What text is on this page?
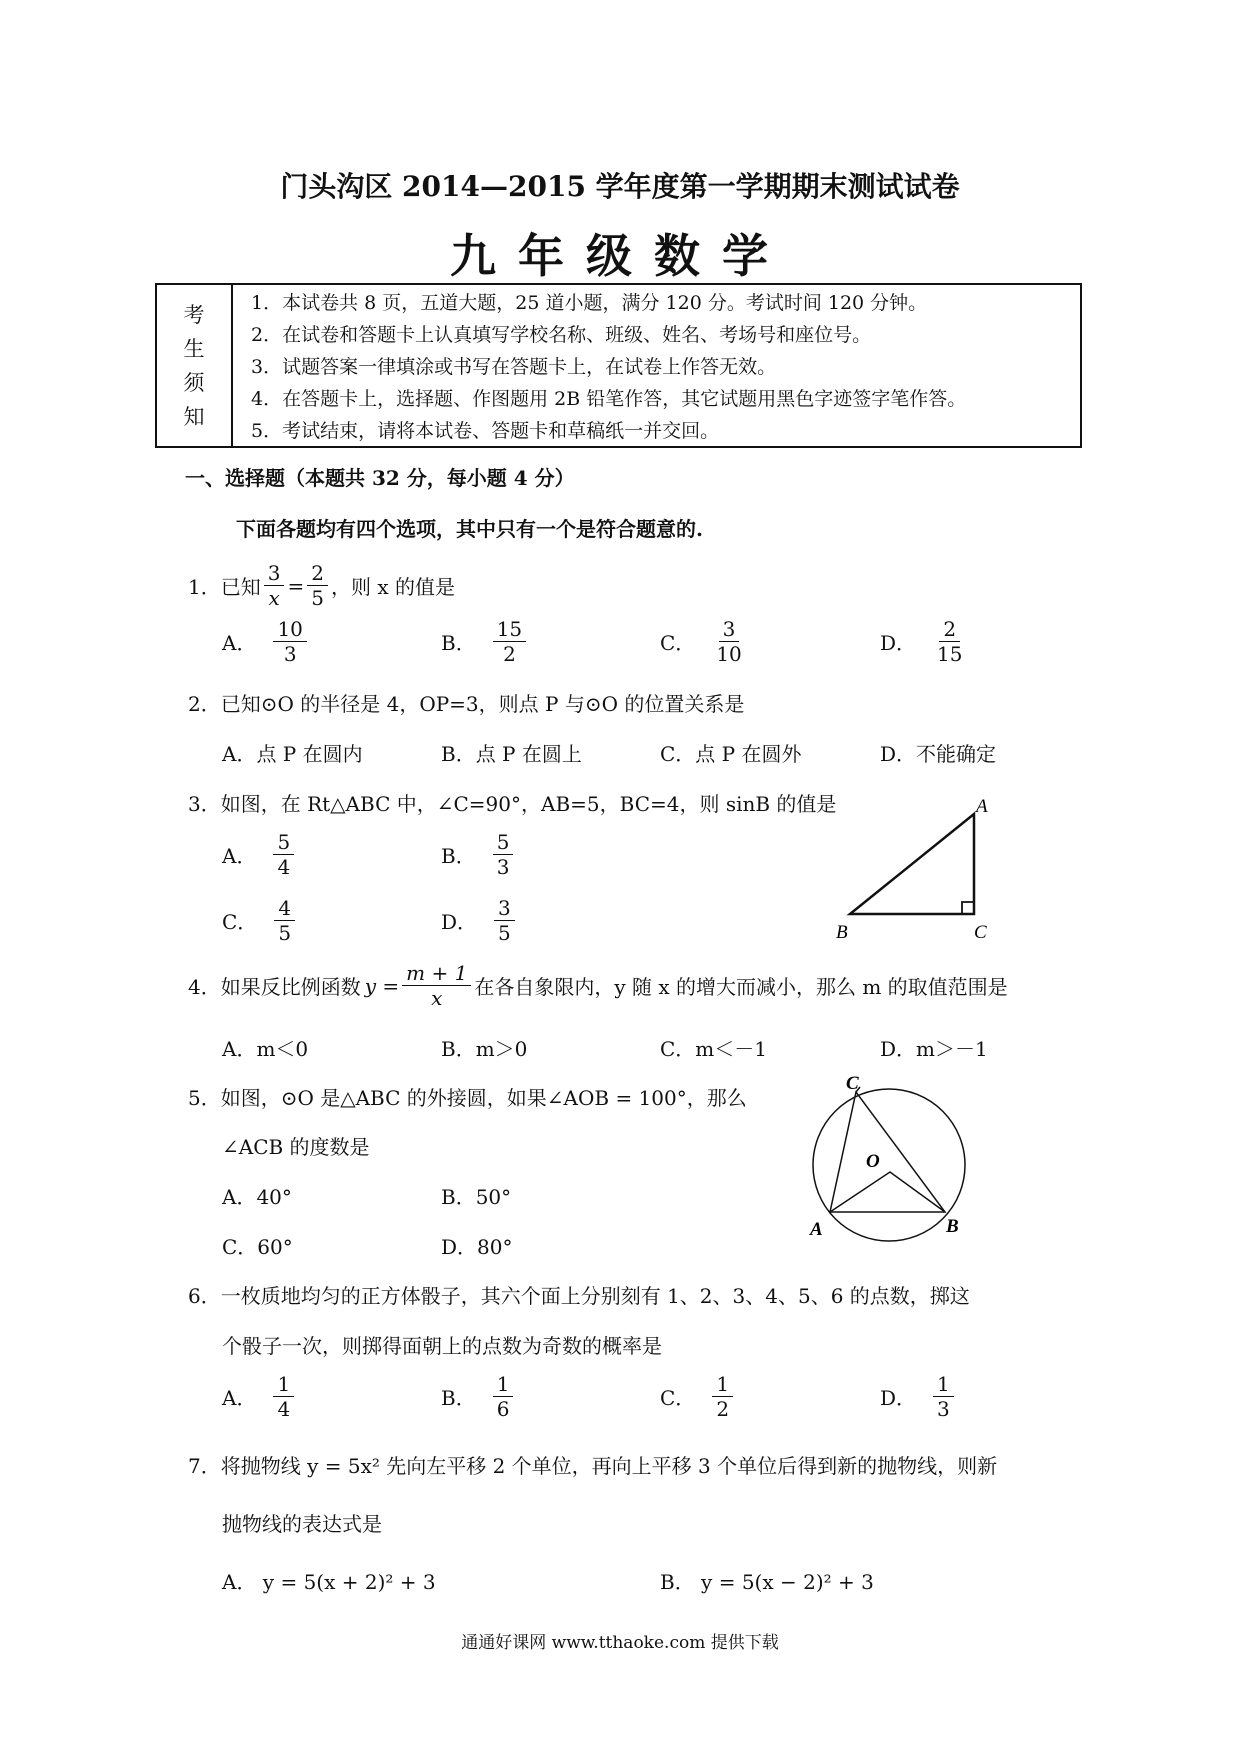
门头沟区 2014—2015 学年度第一学期期末测试试卷
九年级数学
考
生
须
知
1．本试卷共 8 页，五道大题，25 道小题，满分 120 分。考试时间 120 分钟。
2．在试卷和答题卡上认真填写学校名称、班级、姓名、考场号和座位号。
3．试题答案一律填涂或书写在答题卡上，在试卷上作答无效。
4．在答题卡上，选择题、作图题用 2B 铅笔作答，其它试题用黑色字迹签字笔作答。
5．考试结束，请将本试卷、答题卡和草稿纸一并交回。
一、选择题（本题共 32 分，每小题 4 分）
下面各题均有四个选项，其中只有一个是符合题意的.
1．已知 $\frac{3}{x} = \frac{2}{5}$ ，则 x 的值是
A． $\frac{10}{3}$	B． $\frac{15}{2}$	C． $\frac{3}{10}$	D． $\frac{2}{15}$
2．已知⊙O 的半径是 4，OP=3，则点 P 与⊙O 的位置关系是
A．点 P 在圆内	B．点 P 在圆上	C．点 P 在圆外	D．不能确定
3．如图，在 Rt△ABC 中，∠C=90°，AB=5，BC=4，则 sinB 的值是
A． $\frac{5}{4}$	B． $\frac{5}{3}$
C． $\frac{4}{5}$	D． $\frac{3}{5}$
A
B	C
4．如果反比例函数 $y = \frac{m + 1}{x}$ 在各自象限内，y 随 x 的增大而减小，那么 m 的取值范围是
A．m＜0	B．m＞0	C．m＜－1	D．m＞－1
5．如图，⊙O 是△ABC 的外接圆，如果∠AOB = 100°，那么
∠ACB 的度数是
A．40°	B．50°
C．60°	D．80°
C
O
A	B
6．一枚质地均匀的正方体骰子，其六个面上分别刻有 1、2、3、4、5、6 的点数，掷这
个骰子一次，则掷得面朝上的点数为奇数的概率是
A． $\frac{1}{4}$	B． $\frac{1}{6}$	C． $\frac{1}{2}$	D． $\frac{1}{3}$
7．将抛物线 y = 5x² 先向左平移 2 个单位，再向上平移 3 个单位后得到新的抛物线，则新
抛物线的表达式是
A． y = 5(x + 2)² + 3	B． y = 5(x − 2)² + 3
通通好课网 www.tthaoke.com 提供下载
